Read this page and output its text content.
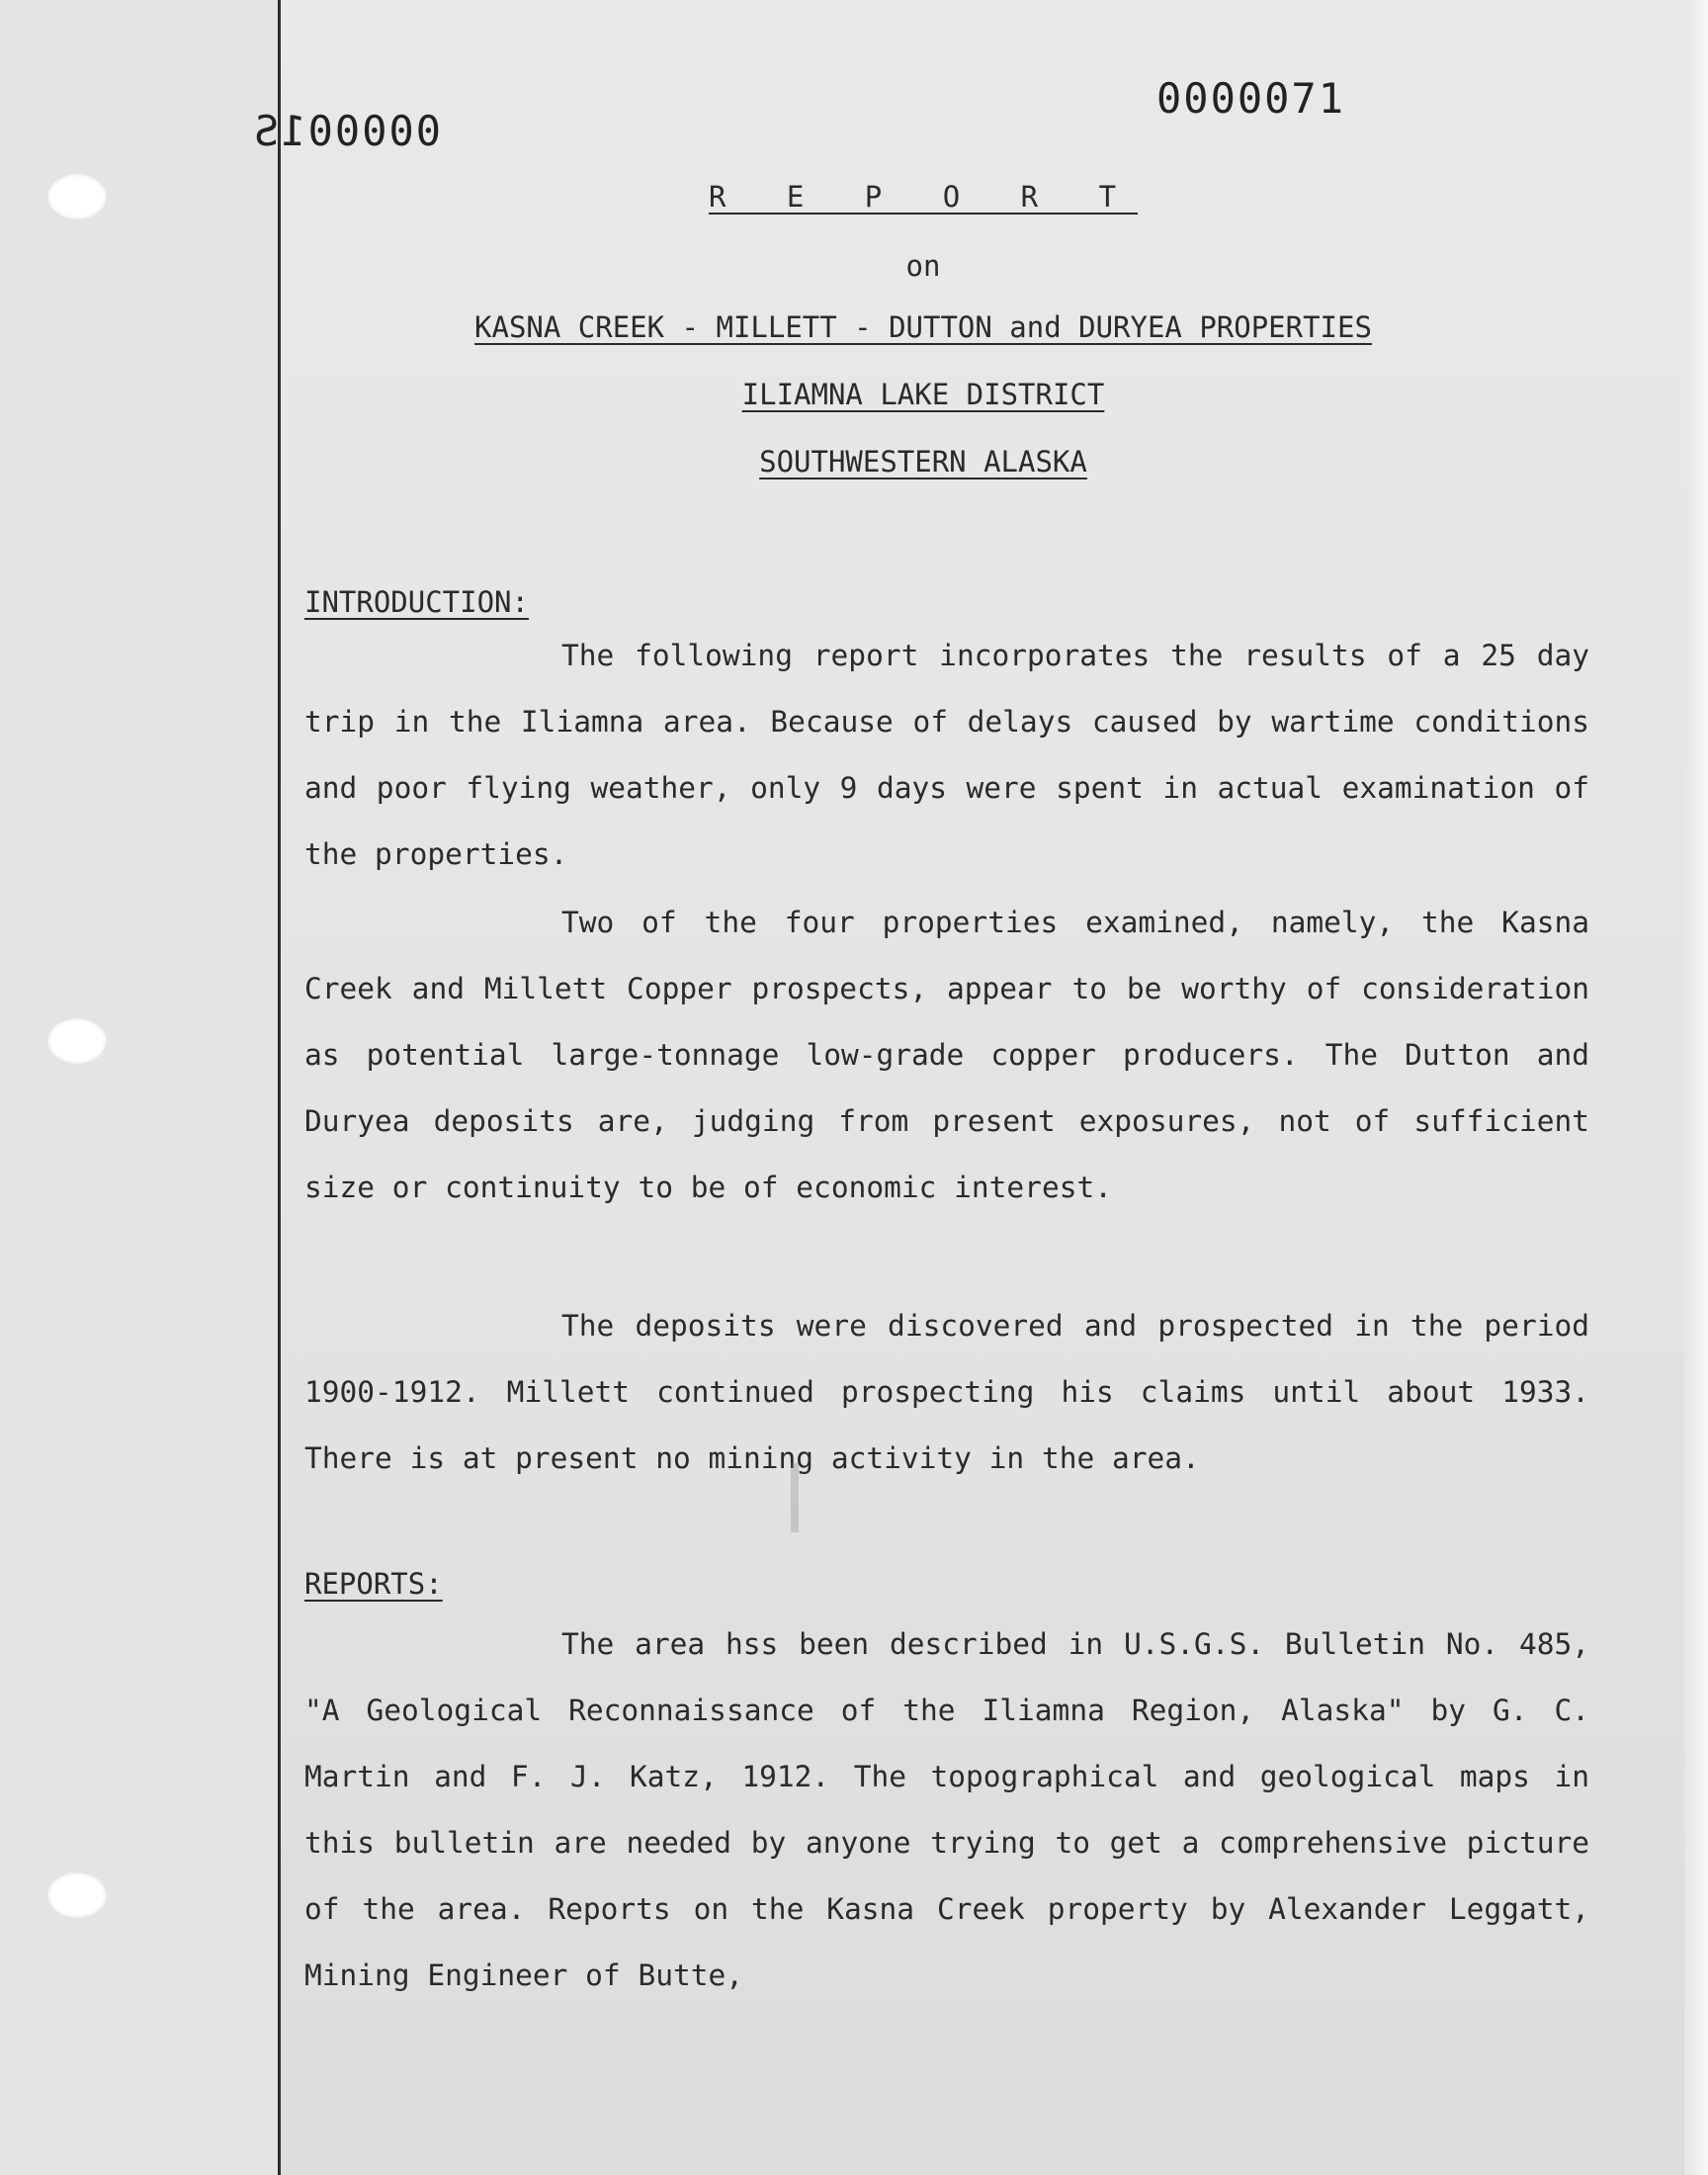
000001S
0000071
R E P O R T
on
KASNA CREEK - MILLETT - DUTTON and DURYEA PROPERTIES
ILIAMNA LAKE DISTRICT
SOUTHWESTERN ALASKA
INTRODUCTION:

The following report incorporates the results of a 25 day trip in the Iliamna area. Because of delays caused by wartime conditions and poor flying weather, only 9 days were spent in actual examination of the properties.

Two of the four properties examined, namely, the Kasna Creek and Millett Copper prospects, appear to be worthy of consideration as potential large-tonnage low-grade copper producers. The Dutton and Duryea deposits are, judging from present exposures, not of sufficient size or continuity to be of economic interest.

The deposits were discovered and prospected in the period 1900-1912. Millett continued prospecting his claims until about 1933. There is at present no mining activity in the area.

REPORTS:

The area hss been described in U.S.G.S. Bulletin No. 485, "A Geological Reconnaissance of the Iliamna Region, Alaska" by G. C. Martin and F. J. Katz, 1912. The topographical and geological maps in this bulletin are needed by anyone trying to get a comprehensive picture of the area. Reports on the Kasna Creek property by Alexander Leggatt, Mining Engineer of Butte,
